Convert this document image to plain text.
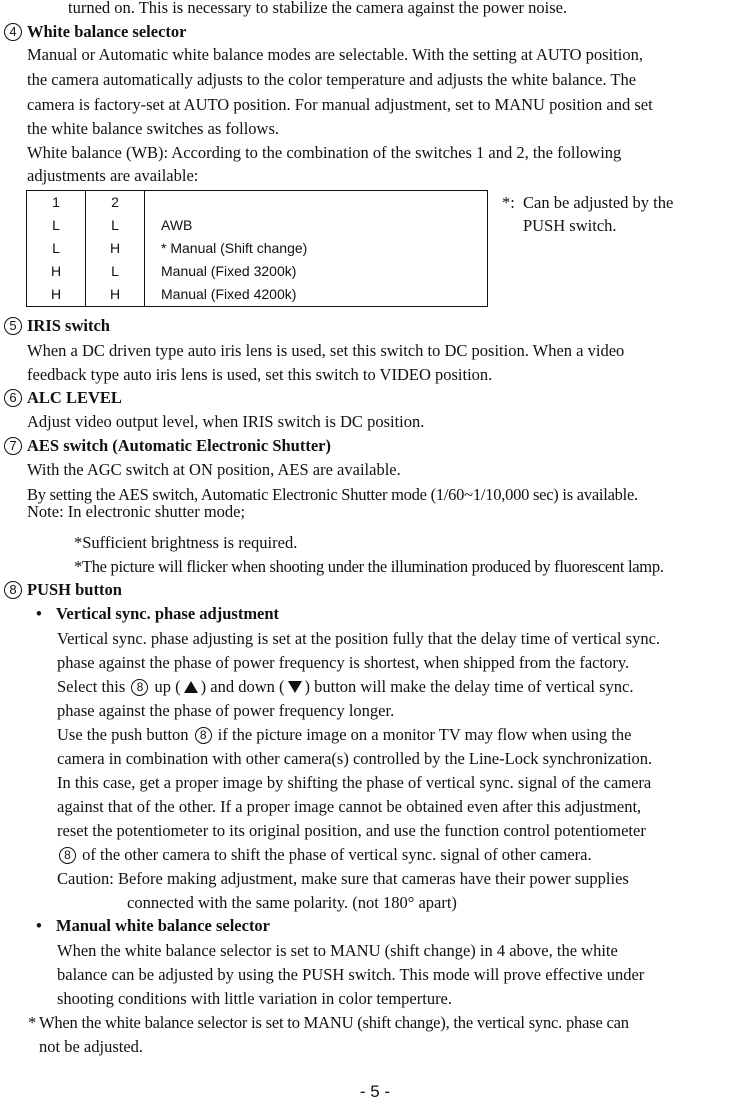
turned on. This is necessary to stabilize the camera against the power noise.
4 White balance selector
Manual or Automatic white balance modes are selectable. With the setting at AUTO position,
the camera automatically adjusts to the color temperature and adjusts the white balance. The
camera is factory-set at AUTO position. For manual adjustment, set to MANU position and set
the white balance switches as follows.
White balance (WB): According to the combination of the switches 1 and 2, the following
adjustments are available:
1	2	
L	L	AWB
L	H	* Manual (Shift change)
H	L	Manual (Fixed 3200k)
H	H	Manual (Fixed 4200k)
*: Can be adjusted by the
PUSH switch.
5 IRIS switch
When a DC driven type auto iris lens is used, set this switch to DC position. When a video
feedback type auto iris lens is used, set this switch to VIDEO position.
6 ALC LEVEL
Adjust video output level, when IRIS switch is DC position.
7 AES switch (Automatic Electronic Shutter)
With the AGC switch at ON position, AES are available.
By setting the AES switch, Automatic Electronic Shutter mode (1/60~1/10,000 sec) is available.
Note: In electronic shutter mode;
*Sufficient brightness is required.
*The picture will flicker when shooting under the illumination produced by fluorescent lamp.
8 PUSH button
• Vertical sync. phase adjustment
Vertical sync. phase adjusting is set at the position fully that the delay time of vertical sync.
phase against the phase of power frequency is shortest, when shipped from the factory.
Select this 8 up ( ) and down ( ) button will make the delay time of vertical sync.
phase against the phase of power frequency longer.
Use the push button 8 if the picture image on a monitor TV may flow when using the
camera in combination with other camera(s) controlled by the Line-Lock synchronization.
In this case, get a proper image by shifting the phase of vertical sync. signal of the camera
against that of the other. If a proper image cannot be obtained even after this adjustment,
reset the potentiometer to its original position, and use the function control potentiometer
8 of the other camera to shift the phase of vertical sync. signal of other camera.
Caution: Before making adjustment, make sure that cameras have their power supplies
connected with the same polarity. (not 180° apart)
• Manual white balance selector
When the white balance selector is set to MANU (shift change) in 4 above, the white
balance can be adjusted by using the PUSH switch. This mode will prove effective under
shooting conditions with little variation in color temperture.
* When the white balance selector is set to MANU (shift change), the vertical sync. phase can
not be adjusted.
- 5 -
